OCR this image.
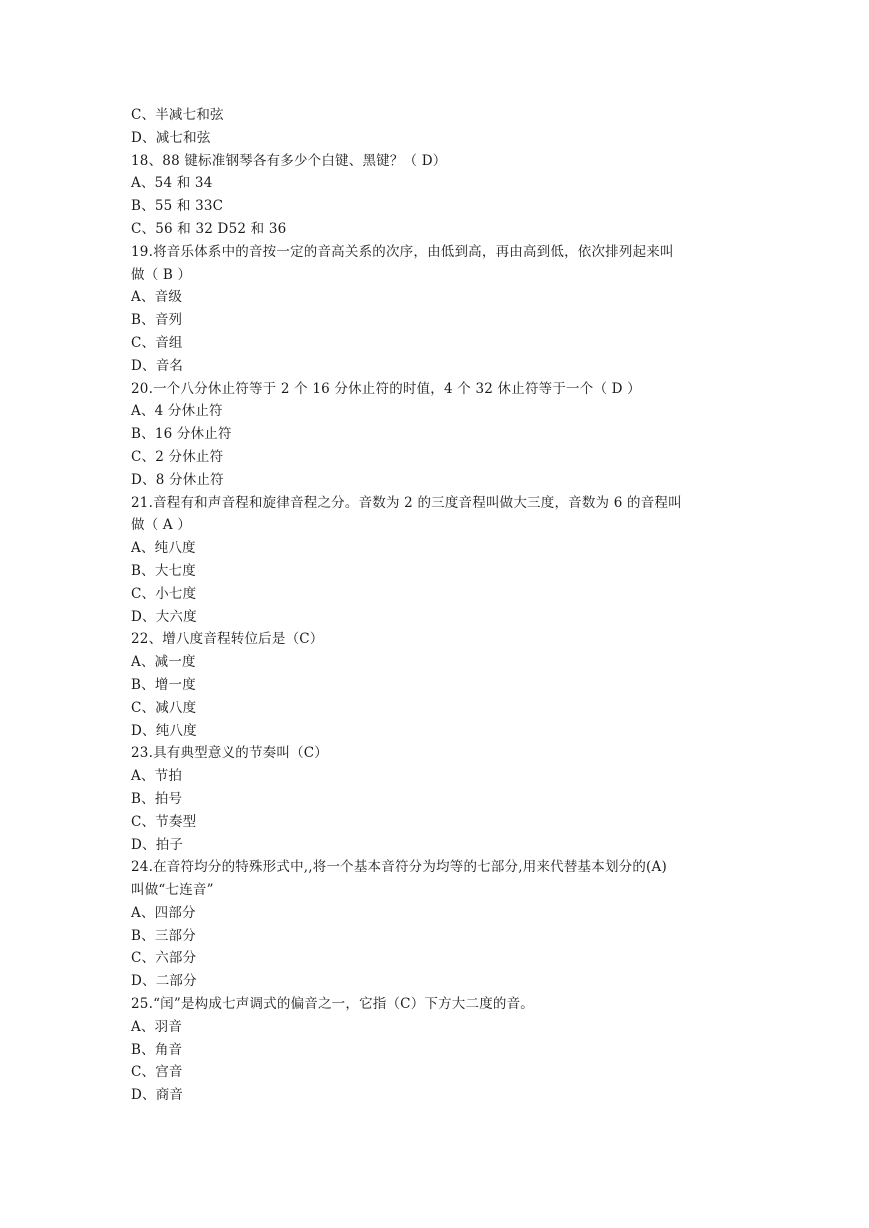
C、半减七和弦
D、减七和弦
18、88 键标准钢琴各有多少个白键、黑键？（ D）
A、54 和 34
B、55 和 33C
C、56 和 32 D52 和 36
19.将音乐体系中的音按一定的音高关系的次序，由低到高，再由高到低，依次排列起来叫
做（ B ）
A、音级
B、音列
C、音组
D、音名
20.一个八分休止符等于 2 个 16 分休止符的时值，4 个 32 休止符等于一个（ D ）
A、4 分休止符
B、16 分休止符
C、2 分休止符
D、8 分休止符
21.音程有和声音程和旋律音程之分。音数为 2 的三度音程叫做大三度，音数为 6 的音程叫
做（ A ）
A、纯八度
B、大七度
C、小七度
D、大六度
22、增八度音程转位后是（C）
A、减一度
B、增一度
C、减八度
D、纯八度
23.具有典型意义的节奏叫（C）
A、节拍
B、拍号
C、节奏型
D、拍子
24.在音符均分的特殊形式中,,将一个基本音符分为均等的七部分,用来代替基本划分的(A)
叫做“七连音”
A、四部分
B、三部分
C、六部分
D、二部分
25.“闰”是构成七声调式的偏音之一，它指（C）下方大二度的音。
A、羽音
B、角音
C、宫音
D、商音
